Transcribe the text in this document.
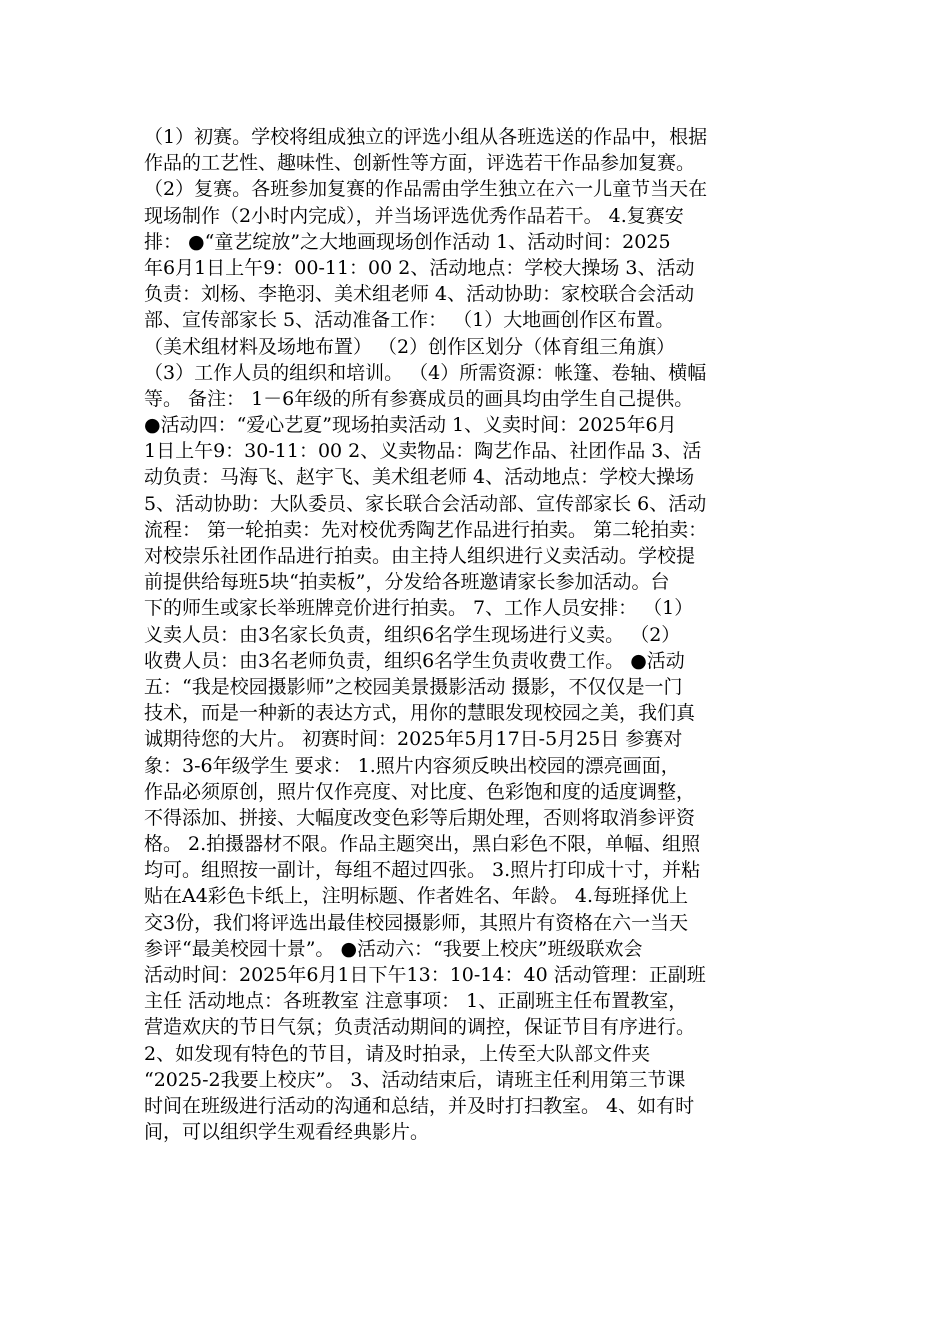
（1）初赛。学校将组成独立的评选小组从各班选送的作品中，根据
作品的工艺性、趣味性、创新性等方面，评选若干作品参加复赛。
（2）复赛。各班参加复赛的作品需由学生独立在六一儿童节当天在
现场制作（2小时内完成），并当场评选优秀作品若干。 4.复赛安
排： ●“童艺绽放”之大地画现场创作活动 1、活动时间：2025
年6月1日上午9：00-11：00 2、活动地点：学校大操场 3、活动
负责：刘杨、李艳羽、美术组老师 4、活动协助：家校联合会活动
部、宣传部家长 5、活动准备工作： （1）大地画创作区布置。
（美术组材料及场地布置） （2）创作区划分（体育组三角旗）
（3）工作人员的组织和培训。 （4）所需资源：帐篷、卷轴、横幅
等。 备注： 1－6年级的所有参赛成员的画具均由学生自己提供。
●活动四：“爱心艺夏”现场拍卖活动 1、义卖时间：2025年6月
1日上午9：30-11：00 2、义卖物品：陶艺作品、社团作品 3、活
动负责：马海飞、赵宇飞、美术组老师 4、活动地点：学校大操场
5、活动协助：大队委员、家长联合会活动部、宣传部家长 6、活动
流程： 第一轮拍卖：先对校优秀陶艺作品进行拍卖。 第二轮拍卖：
对校崇乐社团作品进行拍卖。由主持人组织进行义卖活动。学校提
前提供给每班5块“拍卖板”，分发给各班邀请家长参加活动。台
下的师生或家长举班牌竞价进行拍卖。 7、工作人员安排： （1）
义卖人员：由3名家长负责，组织6名学生现场进行义卖。 （2）
收费人员：由3名老师负责，组织6名学生负责收费工作。 ●活动
五：“我是校园摄影师”之校园美景摄影活动 摄影，不仅仅是一门
技术，而是一种新的表达方式，用你的慧眼发现校园之美，我们真
诚期待您的大片。 初赛时间：2025年5月17日-5月25日 参赛对
象：3-6年级学生 要求： 1.照片内容须反映出校园的漂亮画面，
作品必须原创，照片仅作亮度、对比度、色彩饱和度的适度调整，
不得添加、拼接、大幅度改变色彩等后期处理，否则将取消参评资
格。 2.拍摄器材不限。作品主题突出，黑白彩色不限，单幅、组照
均可。组照按一副计，每组不超过四张。 3.照片打印成十寸，并粘
贴在A4彩色卡纸上，注明标题、作者姓名、年龄。 4.每班择优上
交3份，我们将评选出最佳校园摄影师，其照片有资格在六一当天
参评“最美校园十景”。 ●活动六：“我要上校庆”班级联欢会
活动时间：2025年6月1日下午13：10-14：40 活动管理：正副班
主任 活动地点：各班教室 注意事项： 1、正副班主任布置教室，
营造欢庆的节日气氛；负责活动期间的调控，保证节目有序进行。
2、如发现有特色的节目，请及时拍录，上传至大队部文件夹
“2025-2我要上校庆”。 3、活动结束后，请班主任利用第三节课
时间在班级进行活动的沟通和总结，并及时打扫教室。 4、如有时
间，可以组织学生观看经典影片。
